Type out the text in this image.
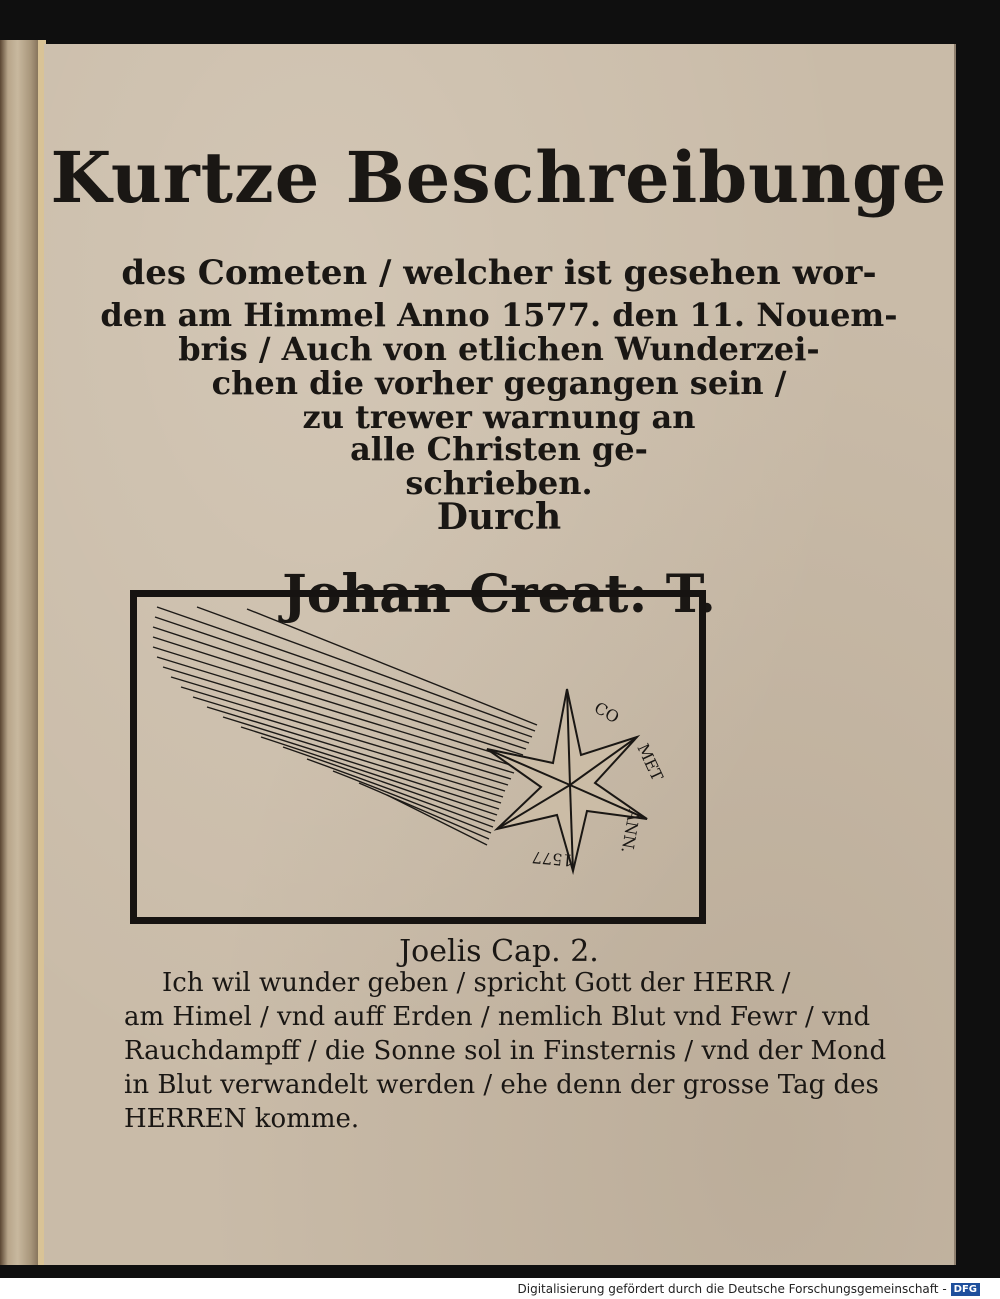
Kurtze Beschreibunge
des Cometen / welcher ist gesehen wor-
den am Himmel Anno 1577. den 11. Nouem-
bris / Auch von etlichen Wunderzei-
chen die vorher gegangen sein /
zu trewer warnung an
alle Christen ge-
schrieben.
Durch
Johan Creat: T.
CO
MET
ANN.
1577
Joelis Cap. 2.
Ich wil wunder geben / spricht Gott der HERR /
am Himel / vnd auff Erden / nemlich Blut vnd Fewr / vnd
Rauchdampff / die Sonne sol in Finsternis / vnd der Mond
in Blut verwandelt werden / ehe denn der grosse Tag des
HERREN komme.
Digitalisierung gefördert durch die Deutsche Forschungsgemeinschaft - DFG
